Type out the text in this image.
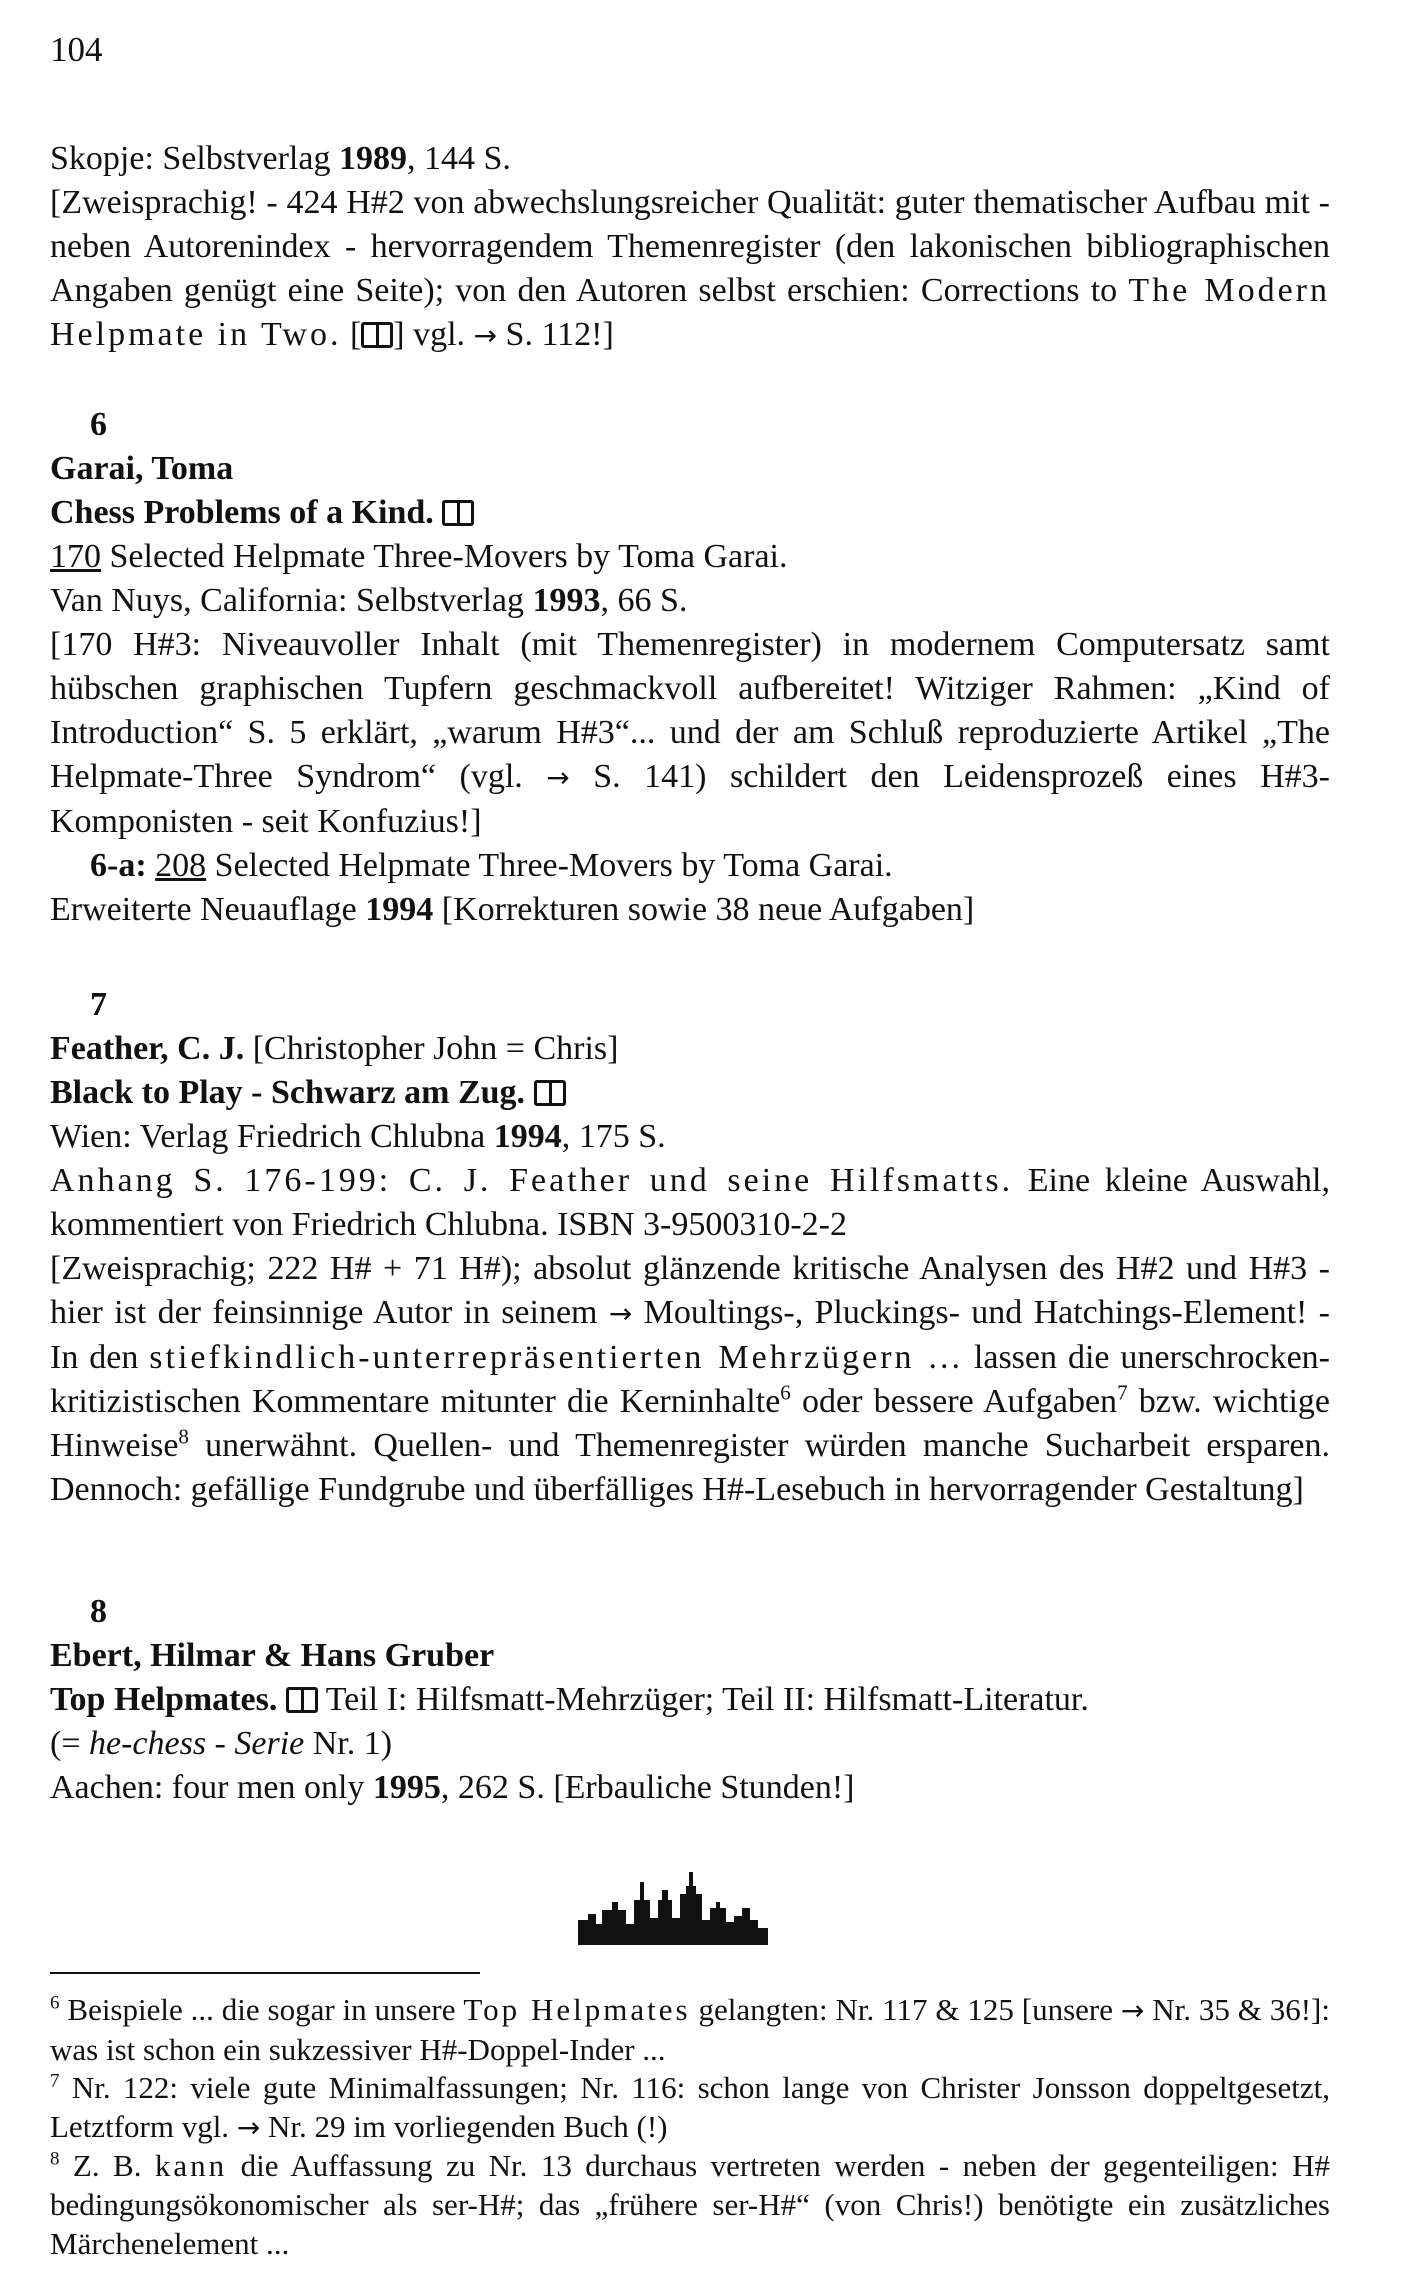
104

Skopje: Selbstverlag 1989, 144 S.

[Zweisprachig! - 424 H#2 von abwechslungsreicher Qualität: guter thematischer Aufbau mit - neben Autorenindex - hervorragendem Themenregister (den lakonischen bibliographischen Angaben genügt eine Seite); von den Autoren selbst erschien: Corrections to The Modern Helpmate in Two. [ ] vgl. → S. 112!]

6

Garai, Toma

Chess Problems of a Kind.

170 Selected Helpmate Three-Movers by Toma Garai.

Van Nuys, California: Selbstverlag 1993, 66 S.

[170 H#3: Niveauvoller Inhalt (mit Themenregister) in modernem Computersatz samt hübschen graphischen Tupfern geschmackvoll aufbereitet! Witziger Rahmen: „Kind of Introduction“ S. 5 erklärt, „warum H#3“... und der am Schluß reproduzierte Artikel „The Helpmate-Three Syndrom“ (vgl. → S. 141) schildert den Leidensprozeß eines H#3-Komponisten - seit Konfuzius!]

6-a: 208 Selected Helpmate Three-Movers by Toma Garai.

Erweiterte Neuauflage 1994 [Korrekturen sowie 38 neue Aufgaben]

7

Feather, C. J. [Christopher John = Chris]

Black to Play - Schwarz am Zug.

Wien: Verlag Friedrich Chlubna 1994, 175 S.

Anhang S. 176-199: C. J. Feather und seine Hilfsmatts. Eine kleine Auswahl, kommentiert von Friedrich Chlubna. ISBN 3-9500310-2-2

[Zweisprachig; 222 H# + 71 H#); absolut glänzende kritische Analysen des H#2 und H#3 - hier ist der feinsinnige Autor in seinem → Moultings-, Pluckings- und Hatchings-Element! - In den stiefkindlich-unterrepräsentierten Mehrzügern ... lassen die unerschrocken-kritizistischen Kommentare mitunter die Kerninhalte$^6$ oder bessere Aufgaben$^7$ bzw. wichtige Hinweise$^8$ unerwähnt. Quellen- und Themenregister würden manche Sucharbeit ersparen. Dennoch: gefällige Fundgrube und überfälliges H#-Lesebuch in hervorragender Gestaltung]

8

Ebert, Hilmar & Hans Gruber

Top Helpmates.  Teil I: Hilfsmatt-Mehrzüger; Teil II: Hilfsmatt-Literatur.

(= he-chess - Serie Nr. 1)

Aachen: four men only 1995, 262 S. [Erbauliche Stunden!]

$^6$ Beispiele ... die sogar in unsere Top Helpmates gelangten: Nr. 117 & 125 [unsere → Nr. 35 & 36!]: was ist schon ein sukzessiver H#-Doppel-Inder ...
$^7$ Nr. 122: viele gute Minimalfassungen; Nr. 116: schon lange von Christer Jonsson doppeltgesetzt, Letztform vgl. → Nr. 29 im vorliegenden Buch (!)
$^8$ Z. B. kann die Auffassung zu Nr. 13 durchaus vertreten werden - neben der gegenteiligen: H# bedingungsökonomischer als ser-H#; das „frühere ser-H#“ (von Chris!) benötigte ein zusätzliches Märchenelement ...
